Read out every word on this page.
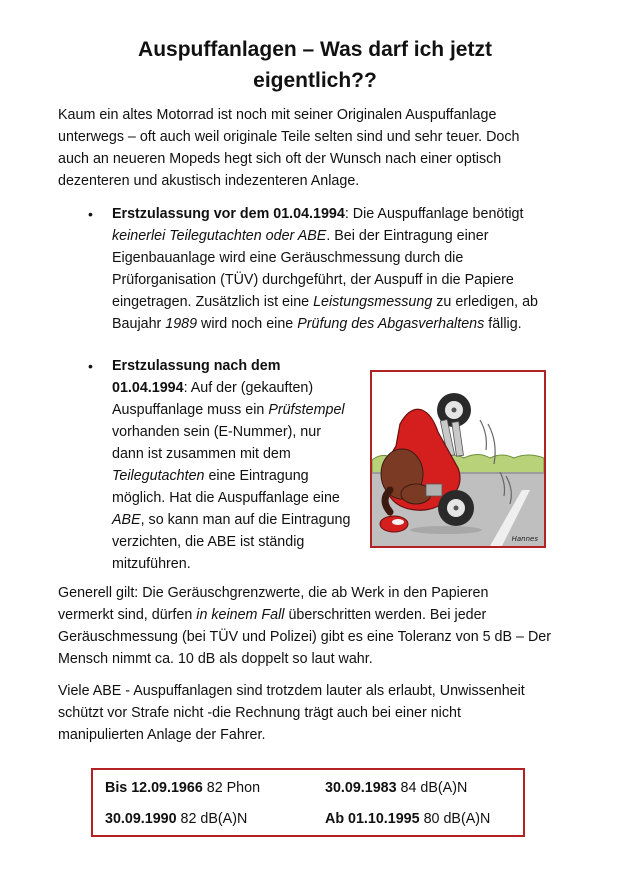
Auspuffanlagen – Was darf ich jetzt
eigentlich??
Kaum ein altes Motorrad ist noch mit seiner Originalen Auspuffanlage
unterwegs – oft auch weil originale Teile selten sind und sehr teuer. Doch
auch an neueren Mopeds hegt sich oft der Wunsch nach einer optisch
dezenteren und akustisch indezenteren Anlage.
• Erstzulassung vor dem 01.04.1994: Die Auspuffanlage benötigt
keinerlei Teilegutachten oder ABE. Bei der Eintragung einer
Eigenbauanlage wird eine Geräuschmessung durch die
Prüforganisation (TÜV) durchgeführt, der Auspuff in die Papiere
eingetragen. Zusätzlich ist eine Leistungsmessung zu erledigen, ab
Baujahr 1989 wird noch eine Prüfung des Abgasverhaltens fällig.
• Erstzulassung nach dem
01.04.1994: Auf der (gekauften)
Auspuffanlage muss ein Prüfstempel
vorhanden sein (E-Nummer), nur
dann ist zusammen mit dem
Teilegutachten eine Eintragung
möglich. Hat die Auspuffanlage eine
ABE, so kann man auf die Eintragung
verzichten, die ABE ist ständig
mitzuführen.
Hannes
Generell gilt: Die Geräuschgrenzwerte, die ab Werk in den Papieren
vermerkt sind, dürfen in keinem Fall überschritten werden. Bei jeder
Geräuschmessung (bei TÜV und Polizei) gibt es eine Toleranz von 5 dB – Der
Mensch nimmt ca. 10 dB als doppelt so laut wahr.
Viele ABE - Auspuffanlagen sind trotzdem lauter als erlaubt, Unwissenheit
schützt vor Strafe nicht -die Rechnung trägt auch bei einer nicht
manipulierten Anlage der Fahrer.
Bis 12.09.1966 82 Phon	30.09.1983 84 dB(A)N
30.09.1990 82 dB(A)N	Ab 01.10.1995 80 dB(A)N
